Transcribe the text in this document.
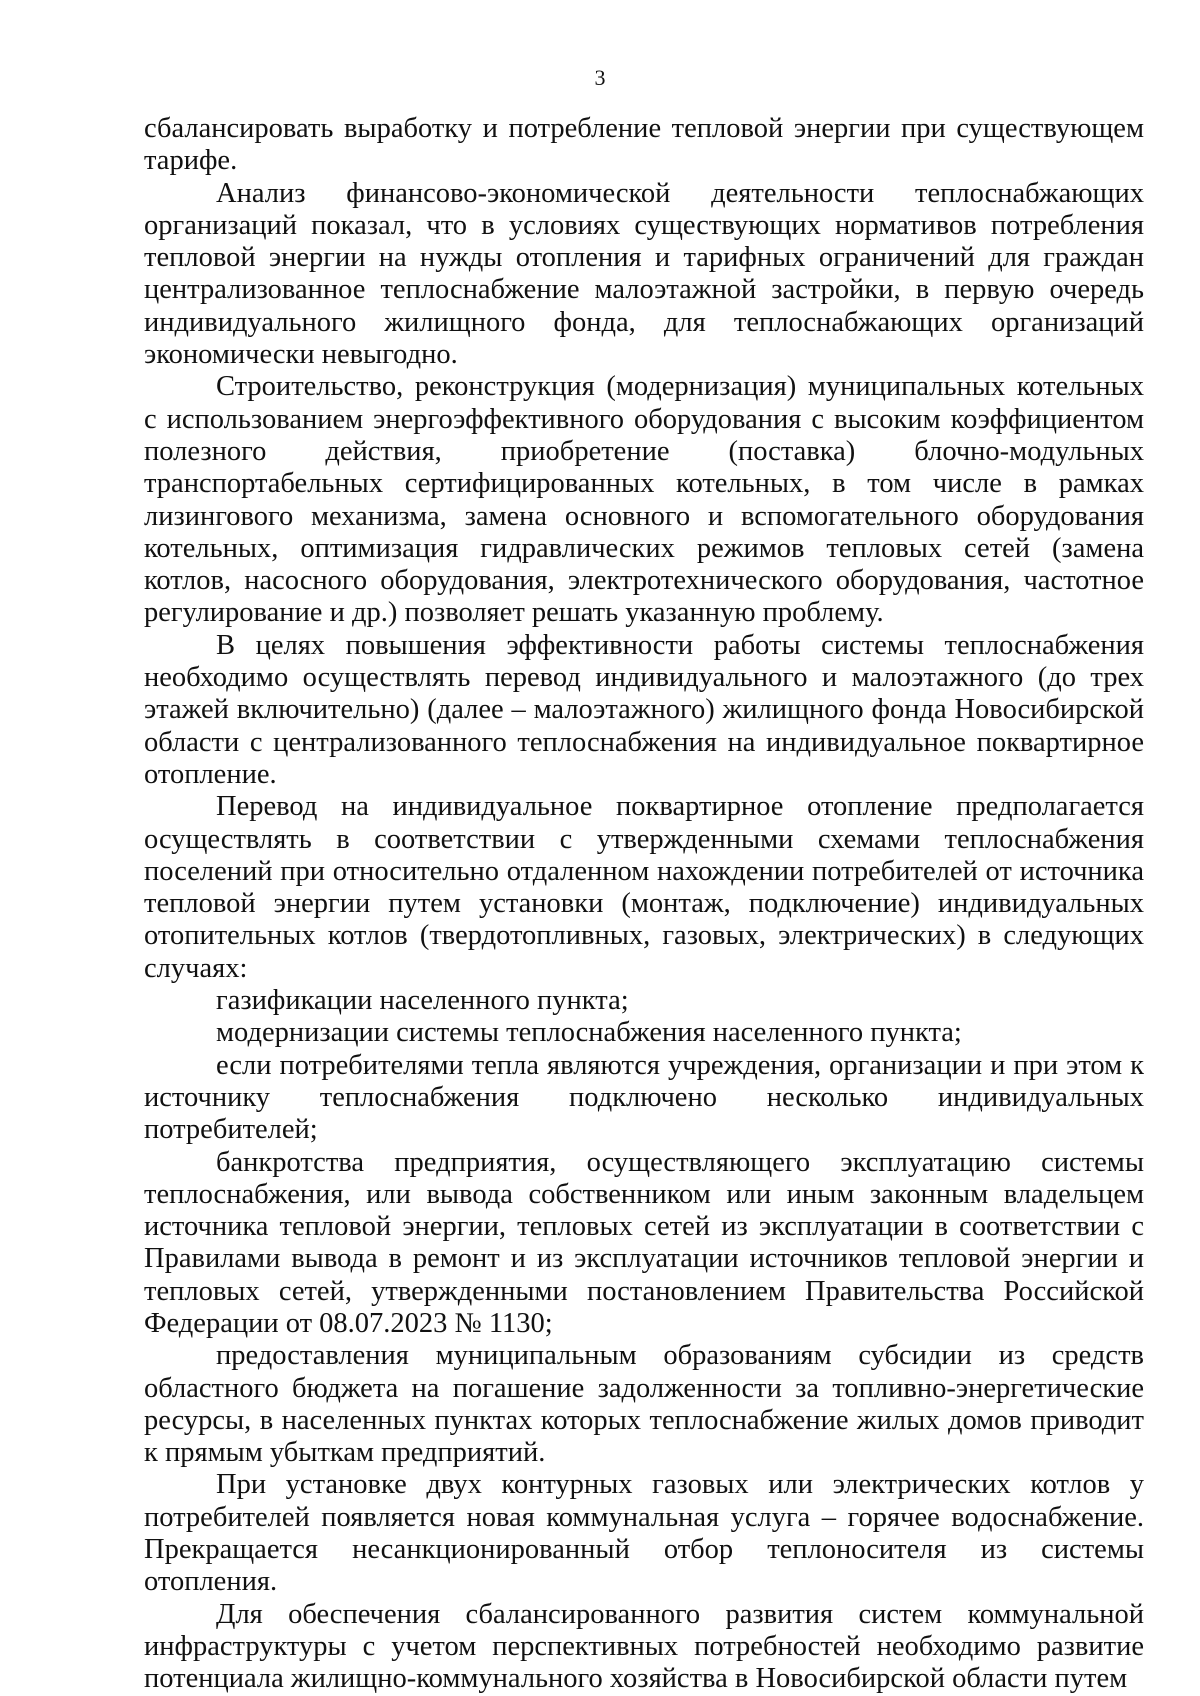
3

сбалансировать выработку и потребление тепловой энергии при существующем тарифе.

Анализ финансово-экономической деятельности теплоснабжающих организаций показал, что в условиях существующих нормативов потребления тепловой энергии на нужды отопления и тарифных ограничений для граждан централизованное теплоснабжение малоэтажной застройки, в первую очередь индивидуального жилищного фонда, для теплоснабжающих организаций экономически невыгодно.

Строительство, реконструкция (модернизация) муниципальных котельных с использованием энергоэффективного оборудования с высоким коэффициентом полезного действия, приобретение (поставка) блочно-модульных транспортабельных сертифицированных котельных, в том числе в рамках лизингового механизма, замена основного и вспомогательного оборудования котельных, оптимизация гидравлических режимов тепловых сетей (замена котлов, насосного оборудования, электротехнического оборудования, частотное регулирование и др.) позволяет решать указанную проблему.

В целях повышения эффективности работы системы теплоснабжения необходимо осуществлять перевод индивидуального и малоэтажного (до трех этажей включительно) (далее – малоэтажного) жилищного фонда Новосибирской области с централизованного теплоснабжения на индивидуальное поквартирное отопление.

Перевод на индивидуальное поквартирное отопление предполагается осуществлять в соответствии с утвержденными схемами теплоснабжения поселений при относительно отдаленном нахождении потребителей от источника тепловой энергии путем установки (монтаж, подключение) индивидуальных отопительных котлов (твердотопливных, газовых, электрических) в следующих случаях:

газификации населенного пункта;

модернизации системы теплоснабжения населенного пункта;

если потребителями тепла являются учреждения, организации и при этом к источнику теплоснабжения подключено несколько индивидуальных потребителей;

банкротства предприятия, осуществляющего эксплуатацию системы теплоснабжения, или вывода собственником или иным законным владельцем источника тепловой энергии, тепловых сетей из эксплуатации в соответствии с Правилами вывода в ремонт и из эксплуатации источников тепловой энергии и тепловых сетей, утвержденными постановлением Правительства Российской Федерации от 08.07.2023 № 1130;

предоставления муниципальным образованиям субсидии из средств областного бюджета на погашение задолженности за топливно-энергетические ресурсы, в населенных пунктах которых теплоснабжение жилых домов приводит к прямым убыткам предприятий.

При установке двух контурных газовых или электрических котлов у потребителей появляется новая коммунальная услуга – горячее водоснабжение. Прекращается несанкционированный отбор теплоносителя из системы отопления.

Для обеспечения сбалансированного развития систем коммунальной инфраструктуры с учетом перспективных потребностей необходимо развитие потенциала жилищно-коммунального хозяйства в Новосибирской области путем
